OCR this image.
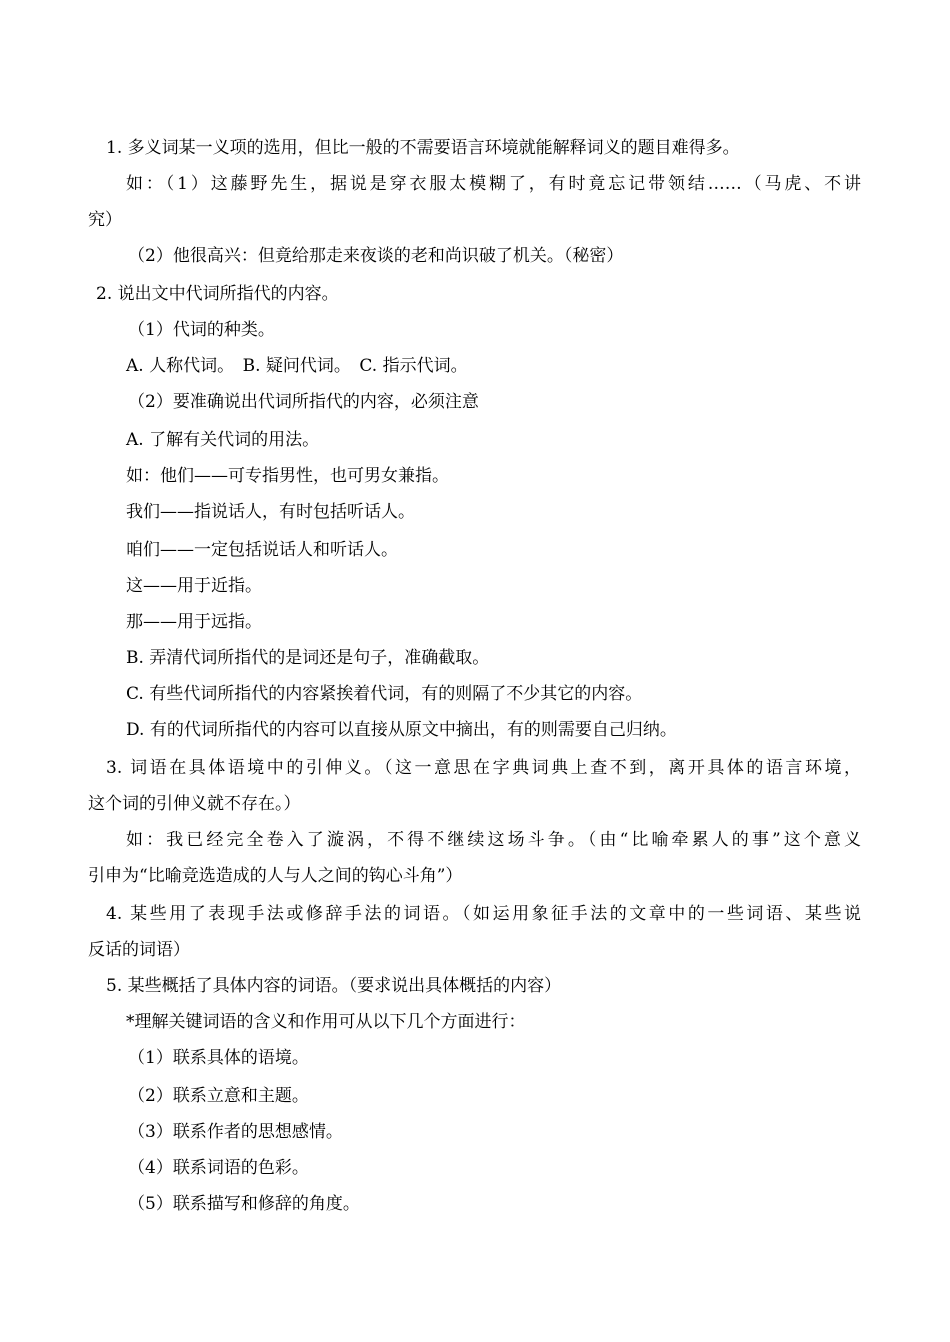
1. 多义词某一义项的选用，但比一般的不需要语言环境就能解释词义的题目难得多。
如：（1）这藤野先生，据说是穿衣服太模糊了，有时竟忘记带领结……（马虎、不讲
究）
（2）他很高兴：但竟给那走来夜谈的老和尚识破了机关。（秘密）
2. 说出文中代词所指代的内容。
（1）代词的种类。
A. 人称代词。　B. 疑问代词。　C. 指示代词。
（2）要准确说出代词所指代的内容，必须注意
A. 了解有关代词的用法。
如：他们——可专指男性，也可男女兼指。
我们——指说话人，有时包括听话人。
咱们——一定包括说话人和听话人。
这——用于近指。
那——用于远指。
B. 弄清代词所指代的是词还是句子，准确截取。
C. 有些代词所指代的内容紧挨着代词，有的则隔了不少其它的内容。
D. 有的代词所指代的内容可以直接从原文中摘出，有的则需要自己归纳。
3. 词语在具体语境中的引伸义。（这一意思在字典词典上查不到，离开具体的语言环境，
这个词的引伸义就不存在。）
如：我已经完全卷入了漩涡，不得不继续这场斗争。（由“比喻牵累人的事”这个意义
引申为“比喻竞选造成的人与人之间的钩心斗角”）
4. 某些用了表现手法或修辞手法的词语。（如运用象征手法的文章中的一些词语、某些说
反话的词语）
5. 某些概括了具体内容的词语。（要求说出具体概括的内容）
*理解关键词语的含义和作用可从以下几个方面进行：
（1）联系具体的语境。
（2）联系立意和主题。
（3）联系作者的思想感情。
（4）联系词语的色彩。
（5）联系描写和修辞的角度。
